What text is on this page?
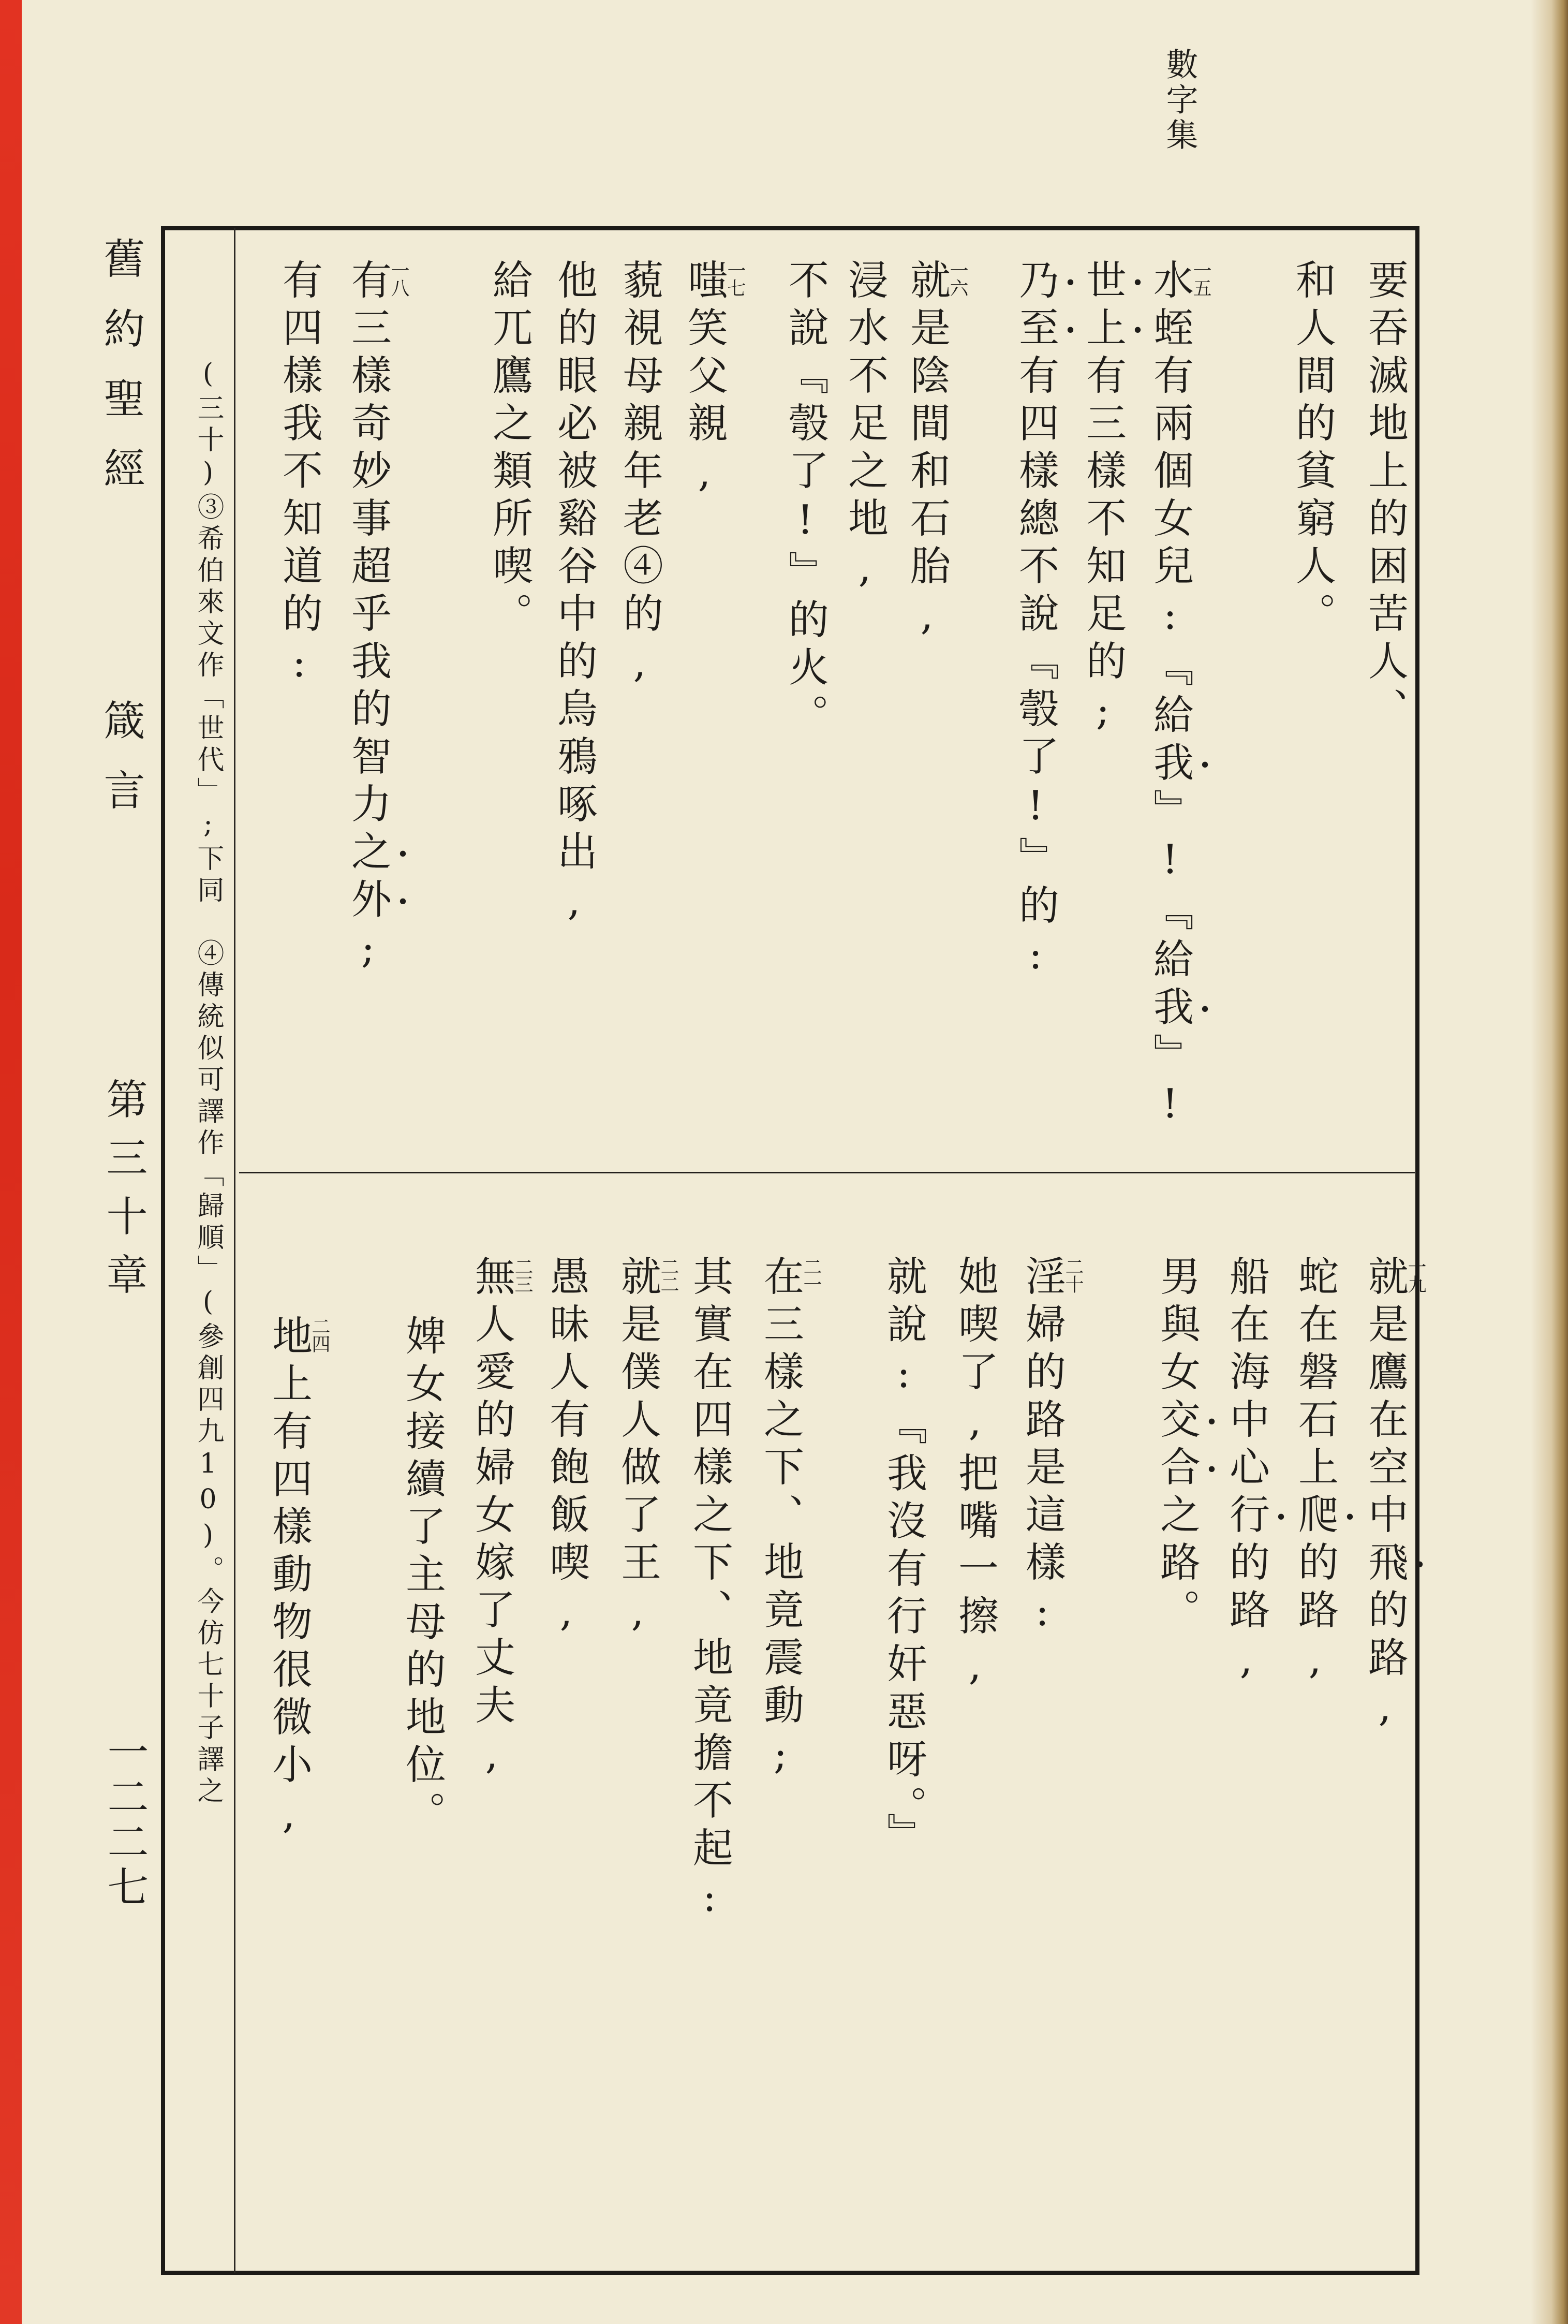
數字集
舊約聖經
箴言
第三十章
一二二七
要吞滅地上的困苦人、
和人間的貧窮人。
水蛭有兩個女兒:『給我』!『給我』!
一五
世上有三樣不知足的;
乃至有四樣總不說『彀了!』的:
就是陰間和石胎,
一六
浸水不足之地,
不說『彀了!』的火。
嗤笑父親,
一七
藐視母親年老④的,
他的眼必被谿谷中的烏鴉啄出,
給兀鷹之類所喫。
有三樣奇妙事超乎我的智力之外;
一八
有四樣我不知道的:
就是鷹在空中飛的路,
一九
蛇在磐石上爬的路,
船在海中心行的路,
男與女交合之路。
淫婦的路是這樣:
二十
她喫了,把嘴一擦,
就說:『我沒有行奸惡呀。』
在三樣之下、地竟震動;
二一
其實在四樣之下、地竟擔不起:
就是僕人做了王,
二二
愚昧人有飽飯喫,
無人愛的婦女嫁了丈夫,
二三
婢女接續了主母的地位。
地上有四樣動物很微小,
二四
(三十)③希伯來文作「世代」;下同　④傳統似可譯作「歸順」(參創四九10)。今仿七十子譯之
